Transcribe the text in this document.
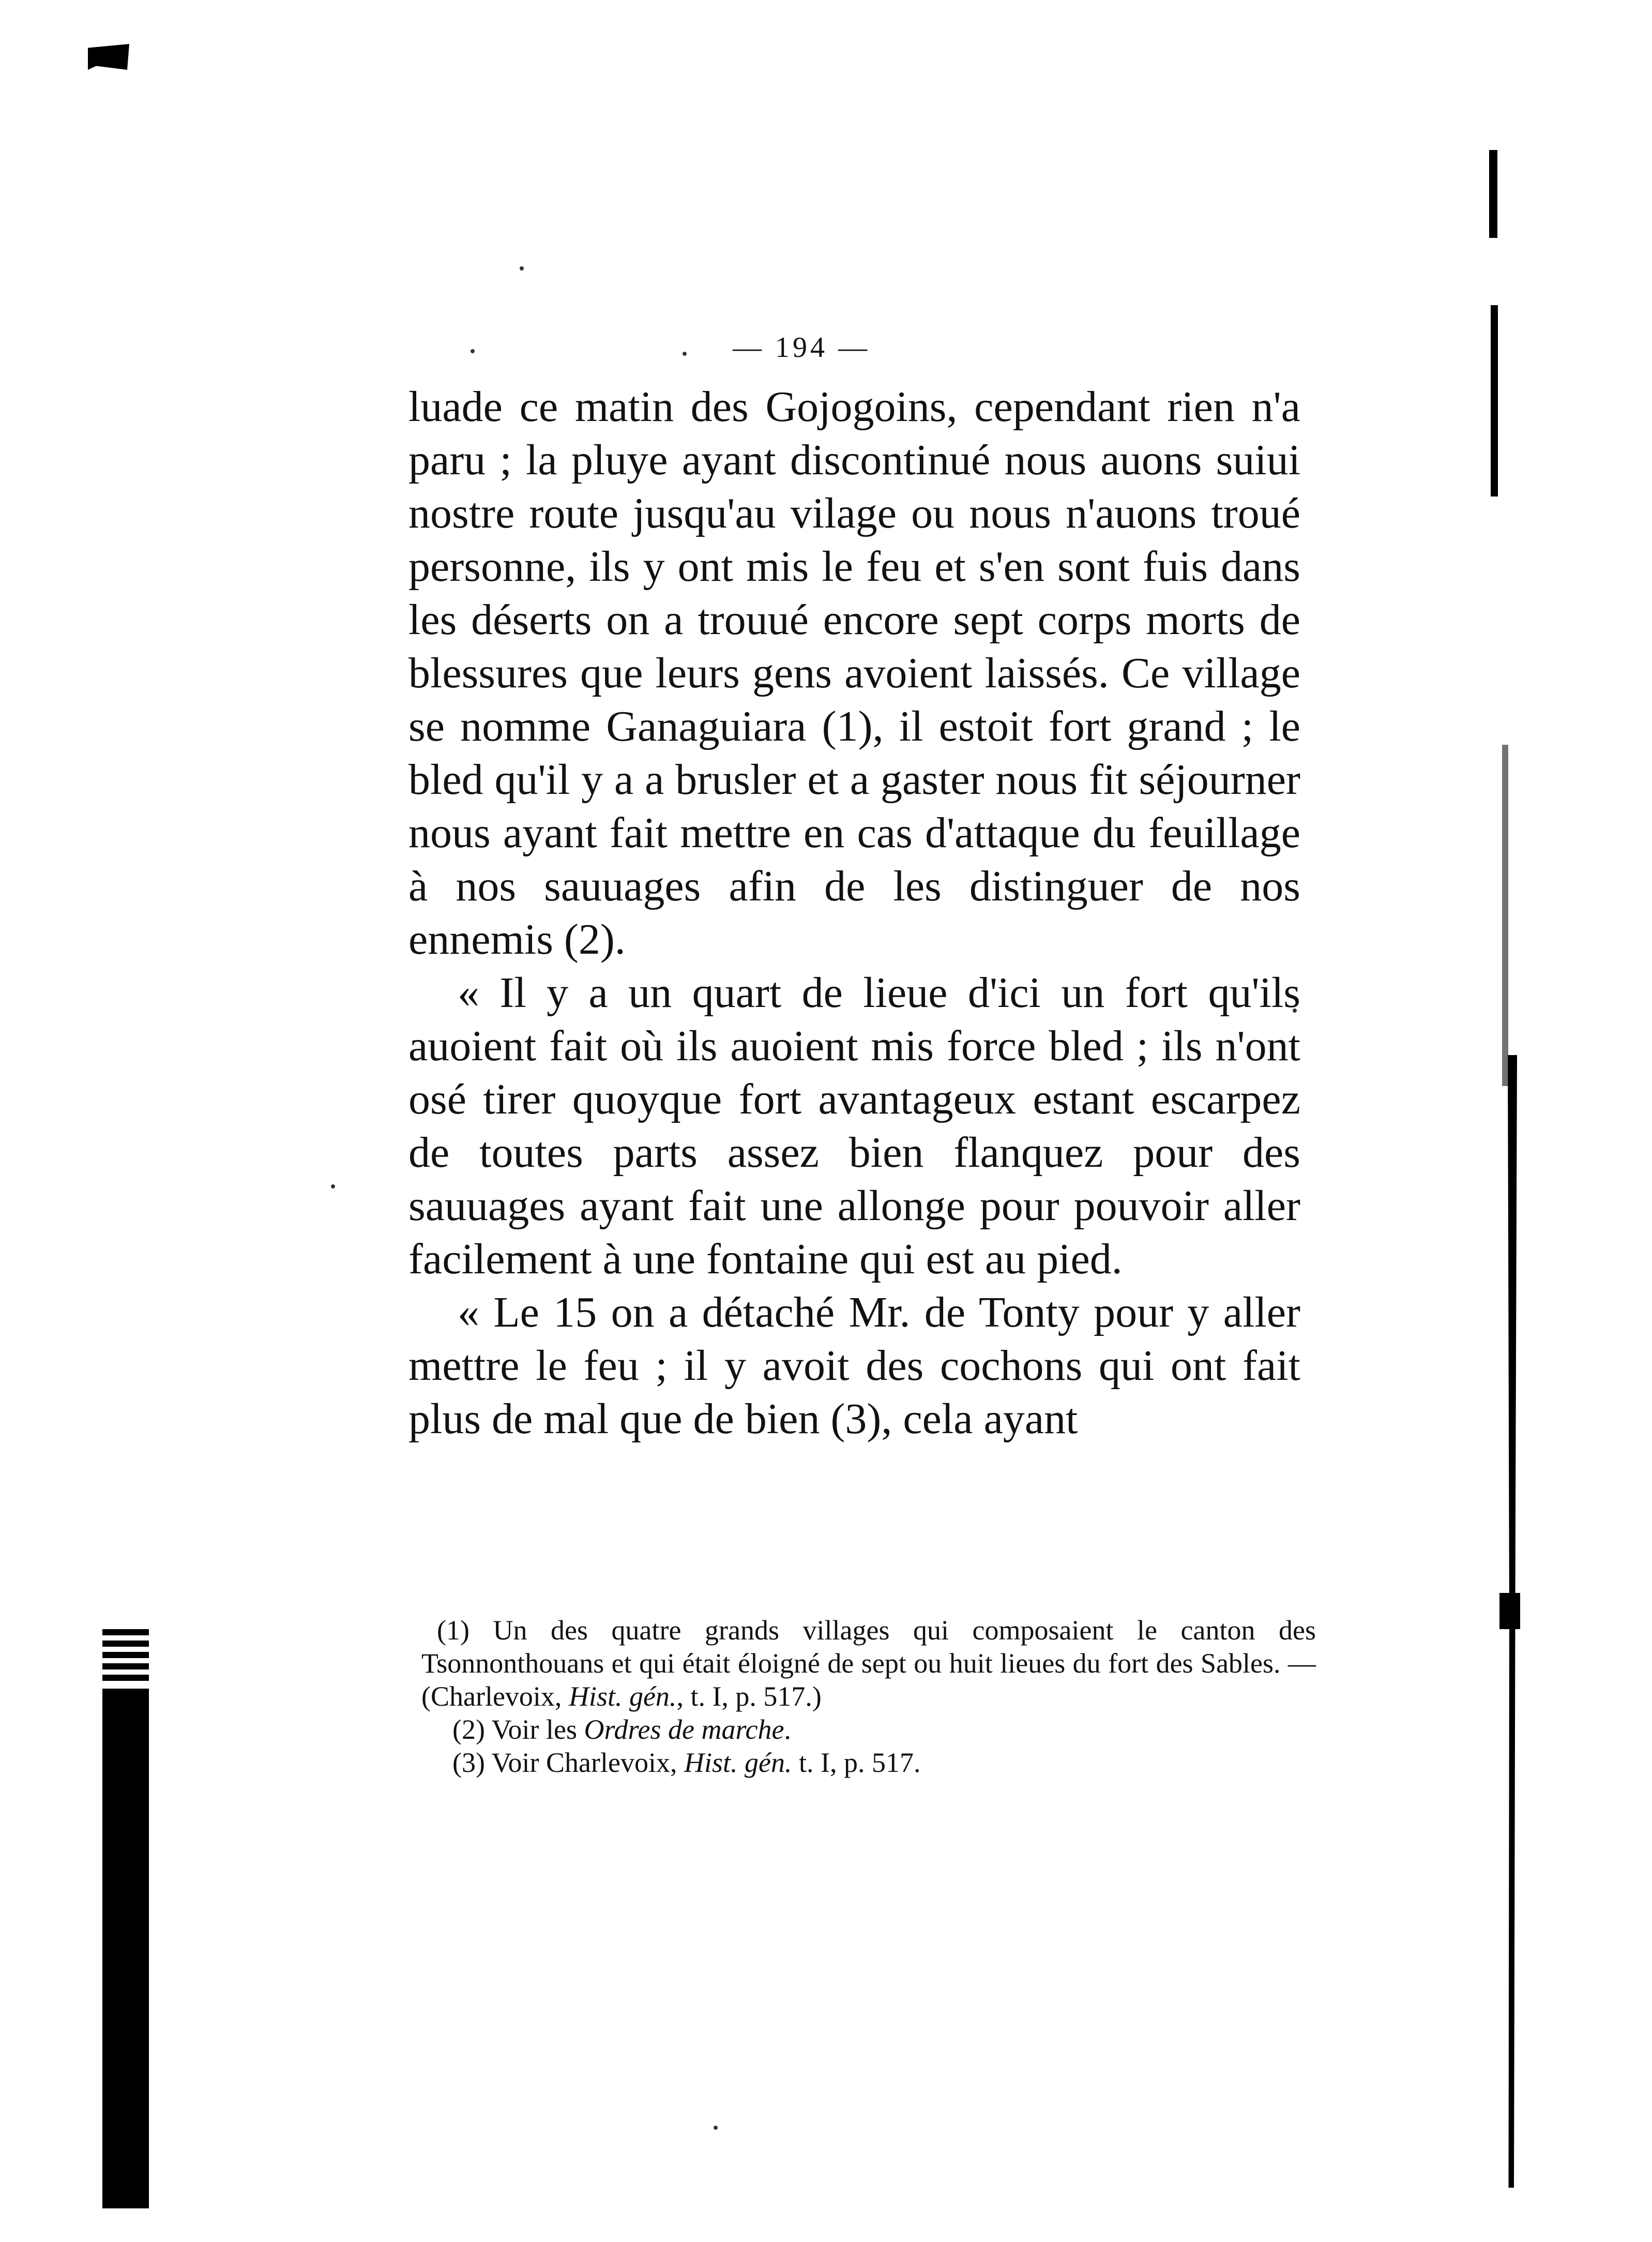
— 194 —

luade ce matin des Gojogoins, cependant rien n'a paru ; la pluye ayant discontinué nous auons suiui nostre route jusqu'au vilage ou nous n'auons troué personne, ils y ont mis le feu et s'en sont fuis dans les déserts on a trouué encore sept corps morts de blessures que leurs gens avoient laissés. Ce village se nomme Ganaguiara (1), il estoit fort grand ; le bled qu'il y a a brusler et a gaster nous fit séjourner nous ayant fait mettre en cas d'attaque du feuillage à nos sauuages afin de les distinguer de nos ennemis (2).

« Il y a un quart de lieue d'ici un fort qu'ils auoient fait où ils auoient mis force bled ; ils n'ont osé tirer quoyque fort avantageux estant escarpez de toutes parts assez bien flanquez pour des sauuages ayant fait une allonge pour pouvoir aller facilement à une fontaine qui est au pied.

« Le 15 on a détaché Mr. de Tonty pour y aller mettre le feu ; il y avoit des cochons qui ont fait plus de mal que de bien (3), cela ayant

(1) Un des quatre grands villages qui composaient le canton des Tsonnonthouans et qui était éloigné de sept ou huit lieues du fort des Sables. — (Charlevoix, Hist. gén., t. I, p. 517.)

(2) Voir les Ordres de marche.

(3) Voir Charlevoix, Hist. gén. t. I, p. 517.
